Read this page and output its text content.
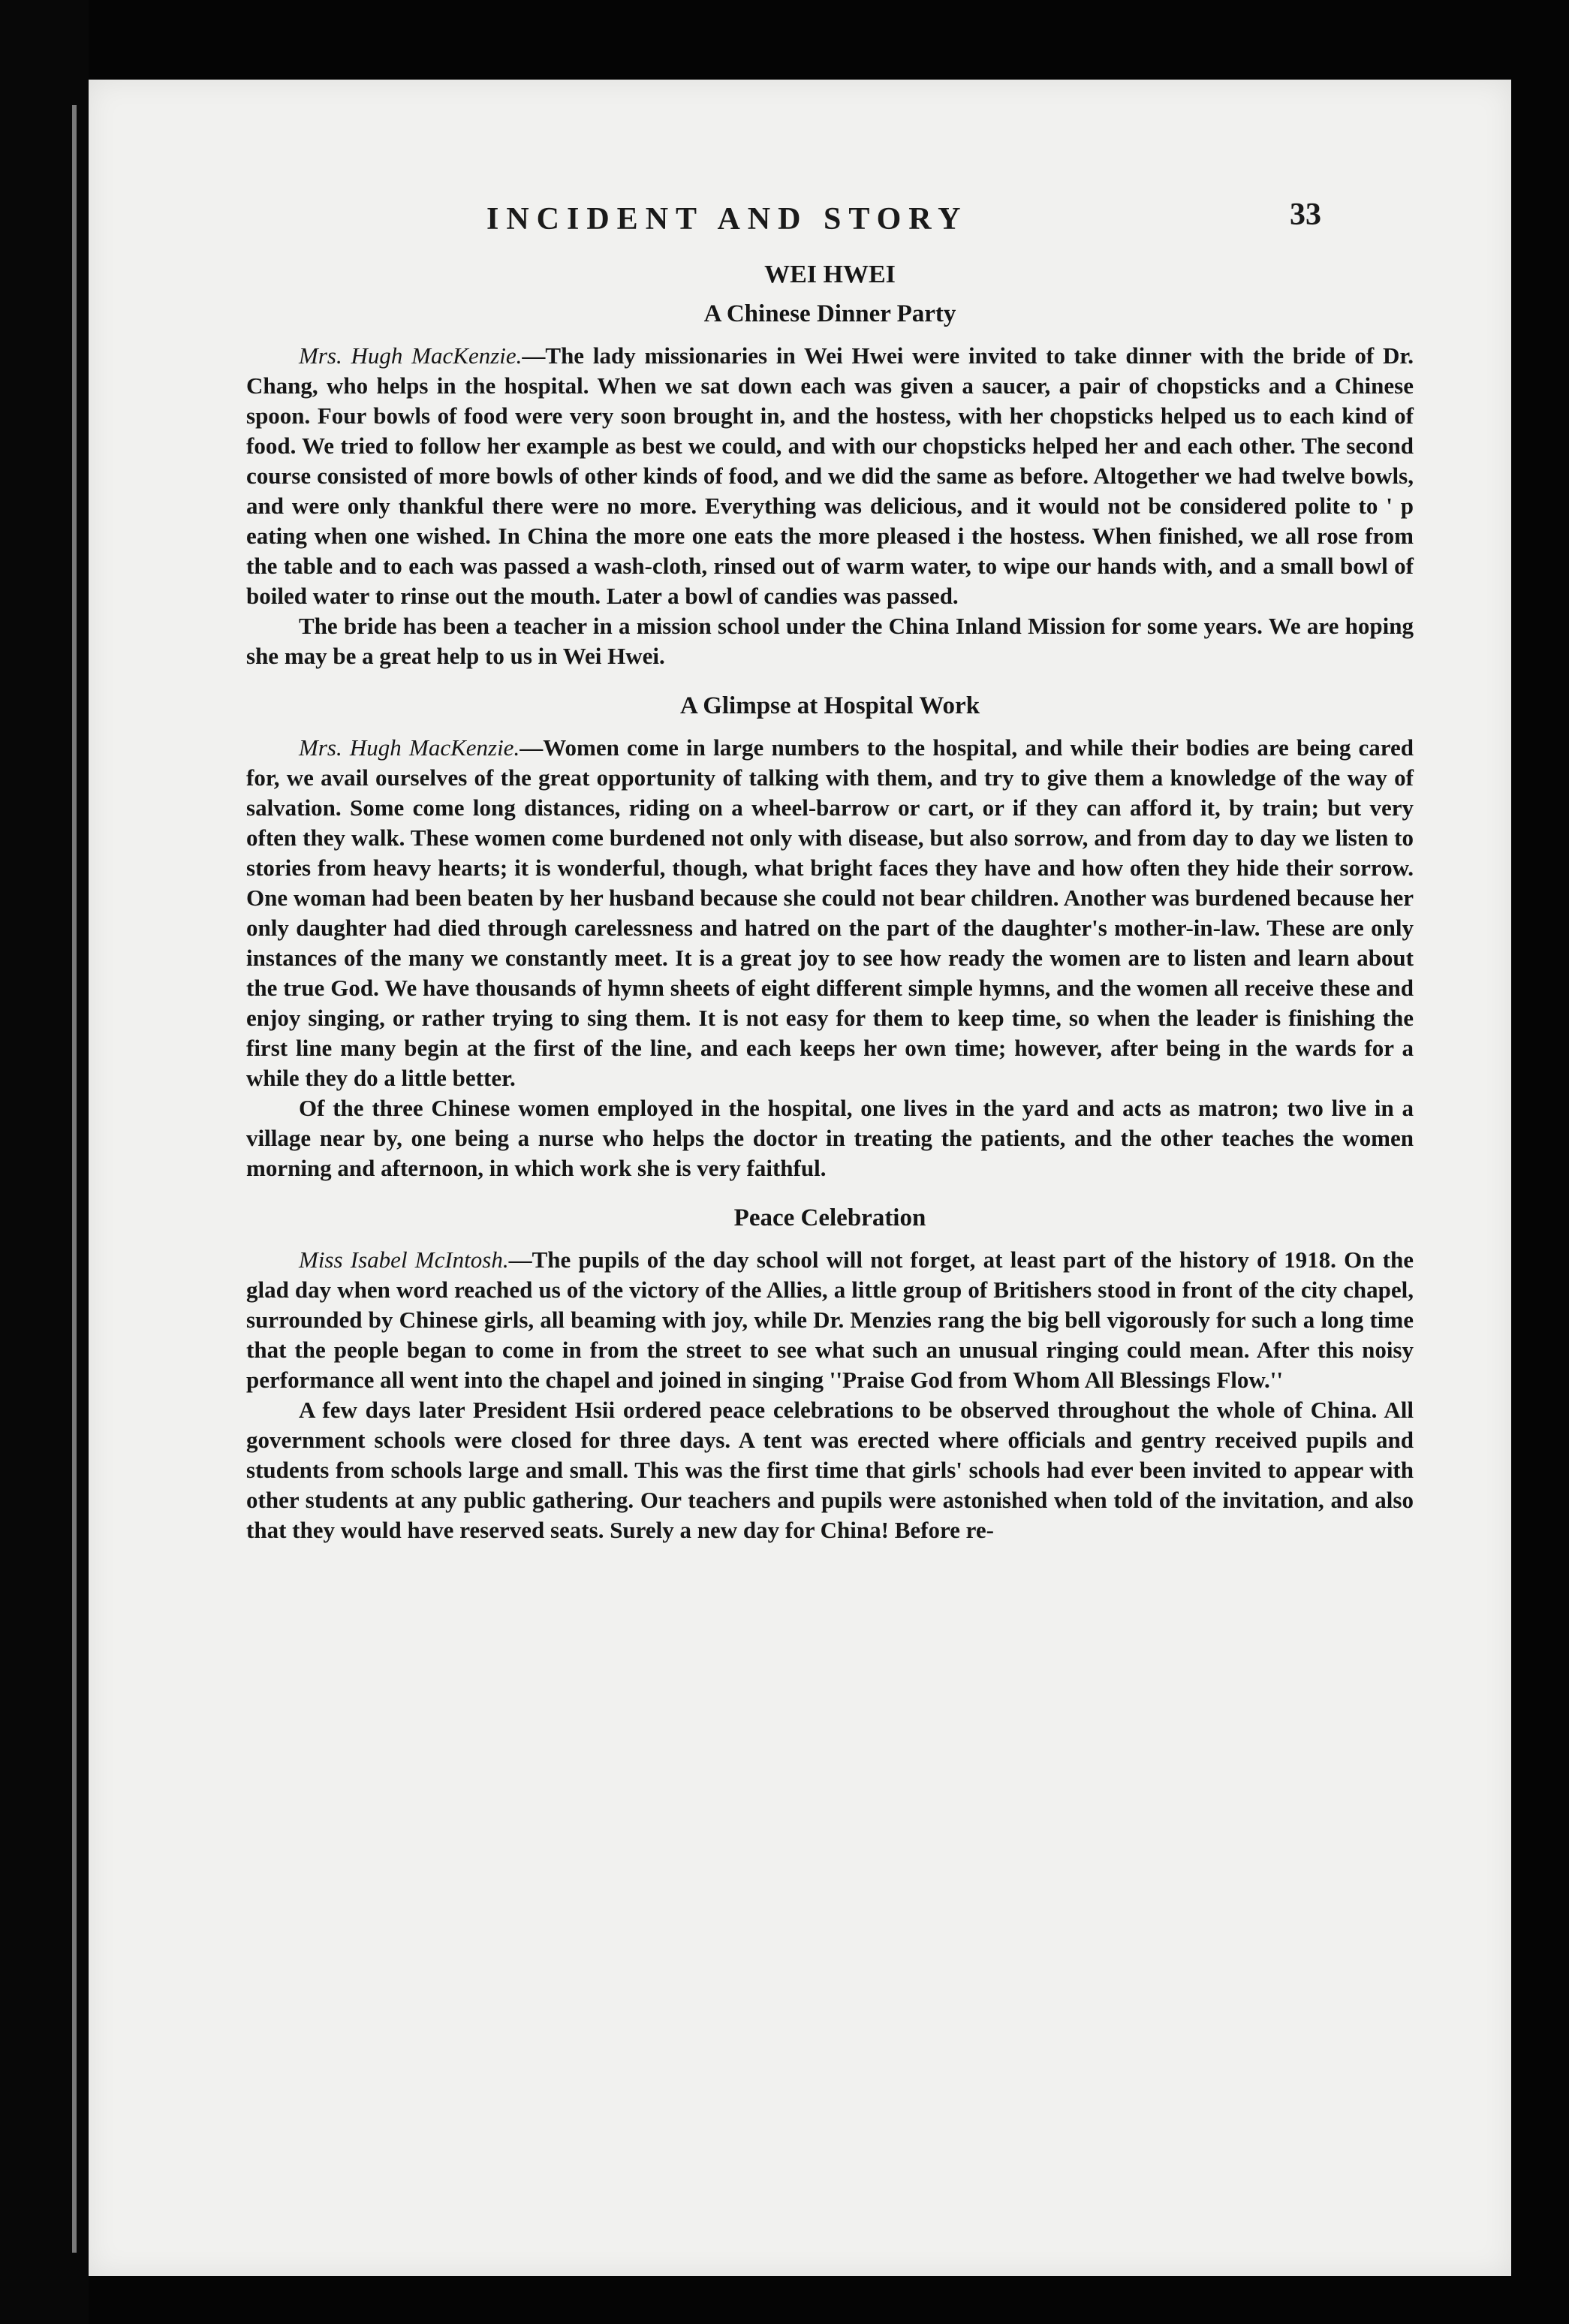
INCIDENT AND STORY	33
WEI HWEI
A Chinese Dinner Party

Mrs. Hugh MacKenzie.—The lady missionaries in Wei Hwei were invited to take dinner with the bride of Dr. Chang, who helps in the hospital. When we sat down each was given a saucer, a pair of chopsticks and a Chinese spoon. Four bowls of food were very soon brought in, and the hostess, with her chopsticks helped us to each kind of food. We tried to follow her example as best we could, and with our chopsticks helped her and each other. The second course consisted of more bowls of other kinds of food, and we did the same as before. Altogether we had twelve bowls, and were only thankful there were no more. Everything was delicious, and it would not be considered polite to ' p eating when one wished. In China the more one eats the more pleased i the hostess. When finished, we all rose from the table and to each was passed a wash-cloth, rinsed out of warm water, to wipe our hands with, and a small bowl of boiled water to rinse out the mouth. Later a bowl of candies was passed.

The bride has been a teacher in a mission school under the China Inland Mission for some years. We are hoping she may be a great help to us in Wei Hwei.

A Glimpse at Hospital Work

Mrs. Hugh MacKenzie.—Women come in large numbers to the hospital, and while their bodies are being cared for, we avail ourselves of the great opportunity of talking with them, and try to give them a knowledge of the way of salvation. Some come long distances, riding on a wheel-barrow or cart, or if they can afford it, by train; but very often they walk. These women come burdened not only with disease, but also sorrow, and from day to day we listen to stories from heavy hearts; it is wonderful, though, what bright faces they have and how often they hide their sorrow. One woman had been beaten by her husband because she could not bear children. Another was burdened because her only daughter had died through carelessness and hatred on the part of the daughter's mother-in-law. These are only instances of the many we constantly meet. It is a great joy to see how ready the women are to listen and learn about the true God. We have thousands of hymn sheets of eight different simple hymns, and the women all receive these and enjoy singing, or rather trying to sing them. It is not easy for them to keep time, so when the leader is finishing the first line many begin at the first of the line, and each keeps her own time; however, after being in the wards for a while they do a little better.

Of the three Chinese women employed in the hospital, one lives in the yard and acts as matron; two live in a village near by, one being a nurse who helps the doctor in treating the patients, and the other teaches the women morning and afternoon, in which work she is very faithful.

Peace Celebration

Miss Isabel McIntosh.—The pupils of the day school will not forget, at least part of the history of 1918. On the glad day when word reached us of the victory of the Allies, a little group of Britishers stood in front of the city chapel, surrounded by Chinese girls, all beaming with joy, while Dr. Menzies rang the big bell vigorously for such a long time that the people began to come in from the street to see what such an unusual ringing could mean. After this noisy performance all went into the chapel and joined in singing ''Praise God from Whom All Blessings Flow.''

A few days later President Hsii ordered peace celebrations to be observed throughout the whole of China. All government schools were closed for three days. A tent was erected where officials and gentry received pupils and students from schools large and small. This was the first time that girls' schools had ever been invited to appear with other students at any public gathering. Our teachers and pupils were astonished when told of the invitation, and also that they would have reserved seats. Surely a new day for China! Before re-
